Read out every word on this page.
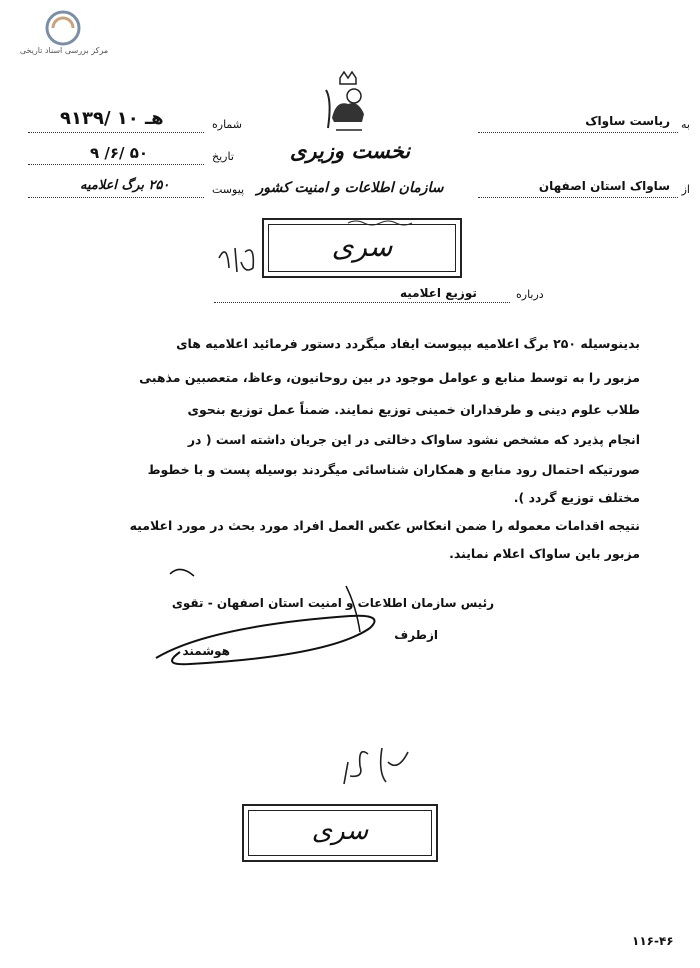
مرکز بررسی اسناد تاریخی
نخست وزیری
سازمان اطلاعات و امنیت کشور
به
ریاست ساواک
از
ساواک استان اصفهان
شماره
۹۱۳۹/ ۱۰ هـ
تاریخ
۹ /۶/ ۵۰
پیوست
۲۵۰ برگ اعلامیه
سری
درباره
توزیع اعلامیه
بدینوسیله ۲۵۰ برگ اعلامیه بپیوست ایفاد میگردد دستور فرمائید اعلامیه های
مزبور را به توسط منابع و عوامل موجود در بین روحانیون، وعاظ، متعصبین مذهبی
طلاب علوم دینی و طرفداران خمینی توزیع نمایند. ضمناً عمل توزیع بنحوی
انجام پذیرد که مشخص نشود ساواک دخالتی در این جریان داشته است ( در
صورتیکه احتمال رود منابع و همکاران شناسائی میگردند بوسیله پست و با خطوط
مختلف توزیع گردد ).
نتیجه اقدامات معموله را ضمن انعکاس عکس العمل افراد مورد بحث در مورد اعلامیه
مزبور باین ساواک اعلام نمایند.
رئیس سازمان اطلاعات و امنیت استان اصفهان - تقوی
ازطرف
هوشمند
سری
۱۱۶-۴۶
